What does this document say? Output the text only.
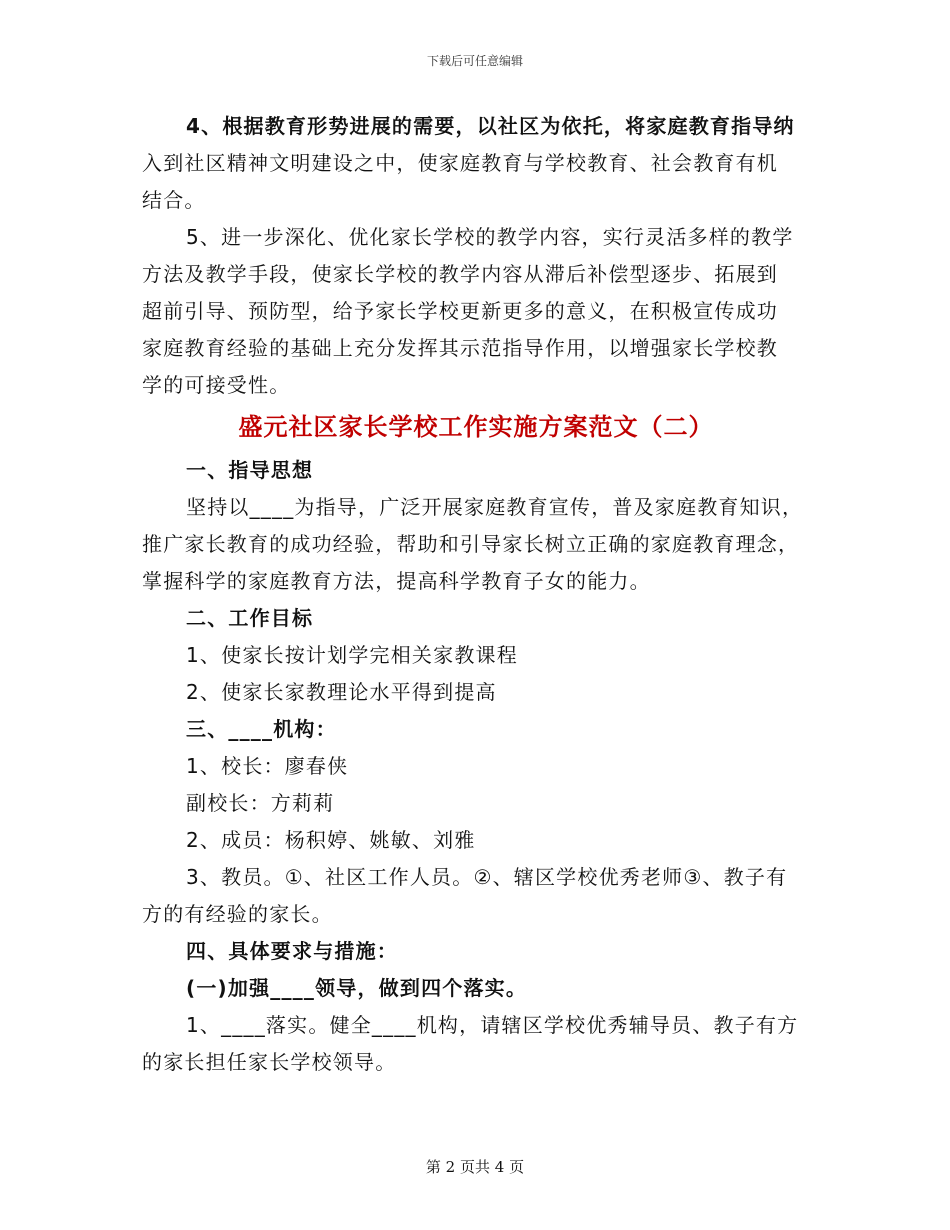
下载后可任意编辑
4、根据教育形势进展的需要，以社区为依托，将家庭教育指导纳
入到社区精神文明建设之中，使家庭教育与学校教育、社会教育有机
结合。
5、进一步深化、优化家长学校的教学内容，实行灵活多样的教学
方法及教学手段，使家长学校的教学内容从滞后补偿型逐步、拓展到
超前引导、预防型，给予家长学校更新更多的意义，在积极宣传成功
家庭教育经验的基础上充分发挥其示范指导作用，以增强家长学校教
学的可接受性。
盛元社区家长学校工作实施方案范文（二）
一、指导思想
坚持以____为指导，广泛开展家庭教育宣传，普及家庭教育知识，
推广家长教育的成功经验，帮助和引导家长树立正确的家庭教育理念，
掌握科学的家庭教育方法，提高科学教育子女的能力。
二、工作目标
1、使家长按计划学完相关家教课程
2、使家长家教理论水平得到提高
三、____机构：
1、校长：廖春侠
副校长：方莉莉
2、成员：杨积婷、姚敏、刘雅
3、教员。①、社区工作人员。②、辖区学校优秀老师③、教子有
方的有经验的家长。
四、具体要求与措施：
(一)加强____领导，做到四个落实。
1、____落实。健全____机构，请辖区学校优秀辅导员、教子有方
的家长担任家长学校领导。
第 2 页共 4 页
